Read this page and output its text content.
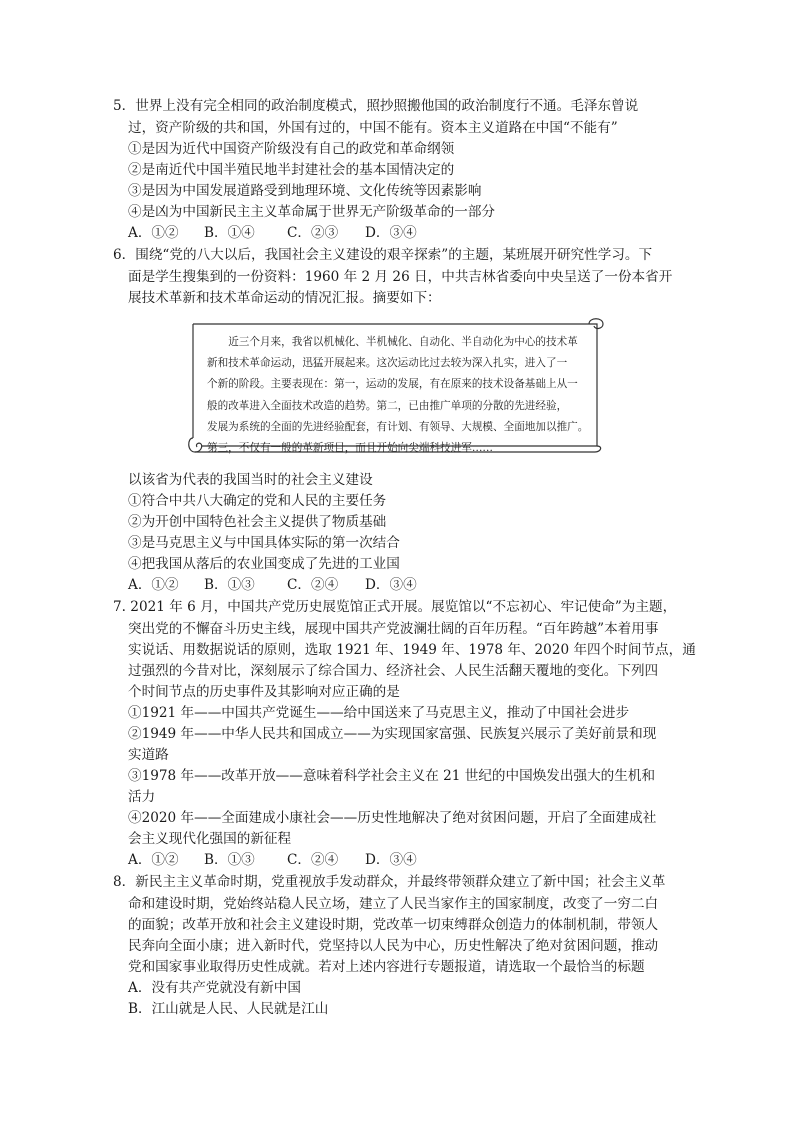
5．世界上没有完全相同的政治制度模式，照抄照搬他国的政治制度行不通。毛泽东曾说
过，资产阶级的共和国，外国有过的，中国不能有。资本主义道路在中国“不能有”
①是因为近代中国资产阶级没有自己的政党和革命纲领
②是南近代中国半殖民地半封建社会的基本国情决定的
③是因为中国发展道路受到地理环境、文化传统等因素影响
④是凶为中国新民主主义革命属于世界无产阶级革命的一部分
A．①②	B．①④	C．②③	D．③④
6．围绕“党的八大以后，我国社会主义建设的艰辛探索”的主题，某班展开研究性学习。下
面是学生搜集到的一份资料：1960 年 2 月 26 日，中共吉林省委向中央呈送了一份本省开
展技术革新和技术革命运动的情况汇报。摘要如下：
近三个月来，我省以机械化、半机械化、自动化、半自动化为中心的技术革
新和技术革命运动，迅猛开展起来。这次运动比过去较为深入扎实，进入了一
个新的阶段。主要表现在：第一，运动的发展，有在原来的技术设备基础上从一
般的改革进入全面技术改造的趋势。第二，已由推广单项的分散的先进经验，
发展为系统的全面的先进经验配套，有计划、有领导、大规模、全面地加以推广。
第三，不仅有一般的革新项目，而且开始向尖端科技进军……
以该省为代表的我国当时的社会主义建设
①符合中共八大确定的党和人民的主要任务
②为开创中国特色社会主义提供了物质基础
③是马克思主义与中国具体实际的第一次结合
④把我国从落后的农业国变成了先进的工业国
A．①②	B．①③	C．②④	D．③④
7. 2021 年 6 月，中国共产党历史展览馆正式开展。展览馆以“不忘初心、牢记使命”为主题，
突出党的不懈奋斗历史主线，展现中国共产党波澜壮阔的百年历程。“百年跨越”本着用事
实说话、用数据说话的原则，选取 1921 年、1949 年、1978 年、2020 年四个时间节点，通
过强烈的今昔对比，深刻展示了综合国力、经济社会、人民生活翻天覆地的变化。下列四
个时间节点的历史事件及其影响对应正确的是
①1921 年——中国共产党诞生——给中国送来了马克思主义，推动了中国社会进步
②1949 年——中华人民共和国成立——为实现国家富强、民族复兴展示了美好前景和现
实道路
③1978 年——改革开放——意味着科学社会主义在 21 世纪的中国焕发出强大的生机和
活力
④2020 年——全面建成小康社会——历史性地解决了绝对贫困问题，开启了全面建成社
会主义现代化强国的新征程
A．①②	B．①③	C．②④	D．③④
8．新民主主义革命时期，党重视放手发动群众，并最终带领群众建立了新中国；社会主义革
命和建设时期，党始终站稳人民立场，建立了人民当家作主的国家制度，改变了一穷二白
的面貌；改革开放和社会主义建设时期，党改革一切束缚群众创造力的体制机制，带领人
民奔向全面小康；进入新时代，党坚持以人民为中心，历史性解决了绝对贫困问题，推动
党和国家事业取得历史性成就。若对上述内容进行专题报道，请选取一个最恰当的标题
A．没有共产党就没有新中国
B．江山就是人民、人民就是江山
